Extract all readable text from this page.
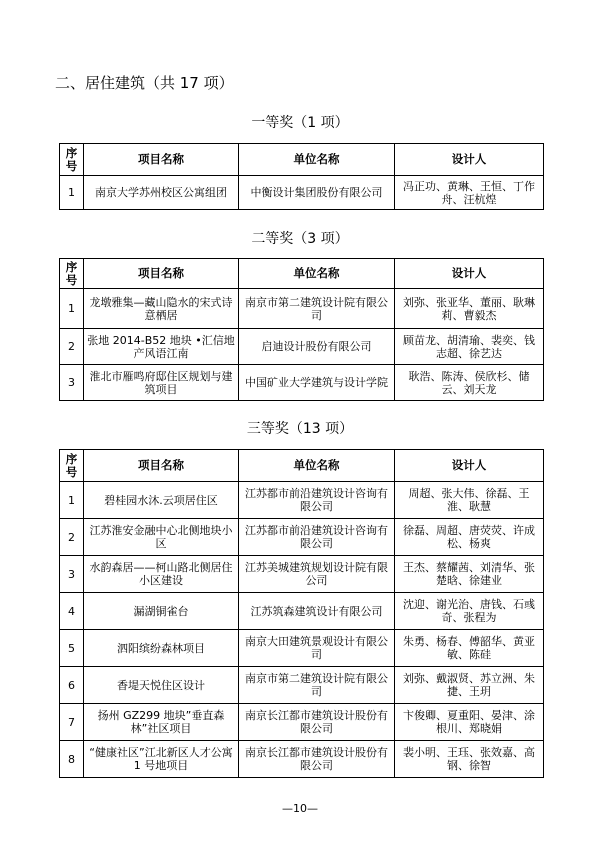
二、居住建筑（共 17 项）
一等奖（1 项）
序号	项目名称	单位名称	设计人
1	南京大学苏州校区公寓组团	中衡设计集团股份有限公司	冯正功、黄琳、王恒、丁作舟、汪杭煌
二等奖（3 项）
序号	项目名称	单位名称	设计人
1	龙墩雅集—藏山隐水的宋式诗意栖居	南京市第二建筑设计院有限公司	刘弥、张亚华、董丽、耿琳莉、曹毅杰
2	张地 2014-B52 地块 •汇信地产风语江南	启迪设计股份有限公司	顾苗龙、胡清瑜、裴奕、钱志超、徐艺达
3	淮北市雁鸣府邸住区规划与建筑项目	中国矿业大学建筑与设计学院	耿浩、陈涛、侯欣杉、储云、刘天龙
三等奖（13 项）
序号	项目名称	单位名称	设计人
1	碧桂园水沐.云项居住区	江苏都市前沿建筑设计咨询有限公司	周超、张大伟、徐磊、王淮、耿慧
2	江苏淮安金融中心北侧地块小区	江苏都市前沿建筑设计咨询有限公司	徐磊、周超、唐荧荧、许成松、杨爽
3	水韵森居——柯山路北侧居住小区建设	江苏美城建筑规划设计院有限公司	王杰、蔡耀茜、刘清华、张楚晗、徐建业
4	漏湖铜雀台	江苏筑森建筑设计有限公司	沈迎、谢光治、唐钱、石彧奇、张程为
5	泗阳缤纷森林项目	南京大田建筑景观设计有限公司	朱勇、杨春、傅韶华、黄亚敏、陈硅
6	香堤天悦住区设计	南京市第二建筑设计院有限公司	刘弥、戴淑贤、苏立洲、朱捷、王玥
7	扬州 GZ299 地块”垂直森林”社区项目	南京长江都市建筑设计股份有限公司	卞俊卿、夏重阳、晏津、涂根川、郑晓娟
8	“健康社区”江北新区人才公寓 1 号地项目	南京长江都市建筑设计股份有限公司	裴小明、王珏、张效嘉、高钢、徐智
—10—
